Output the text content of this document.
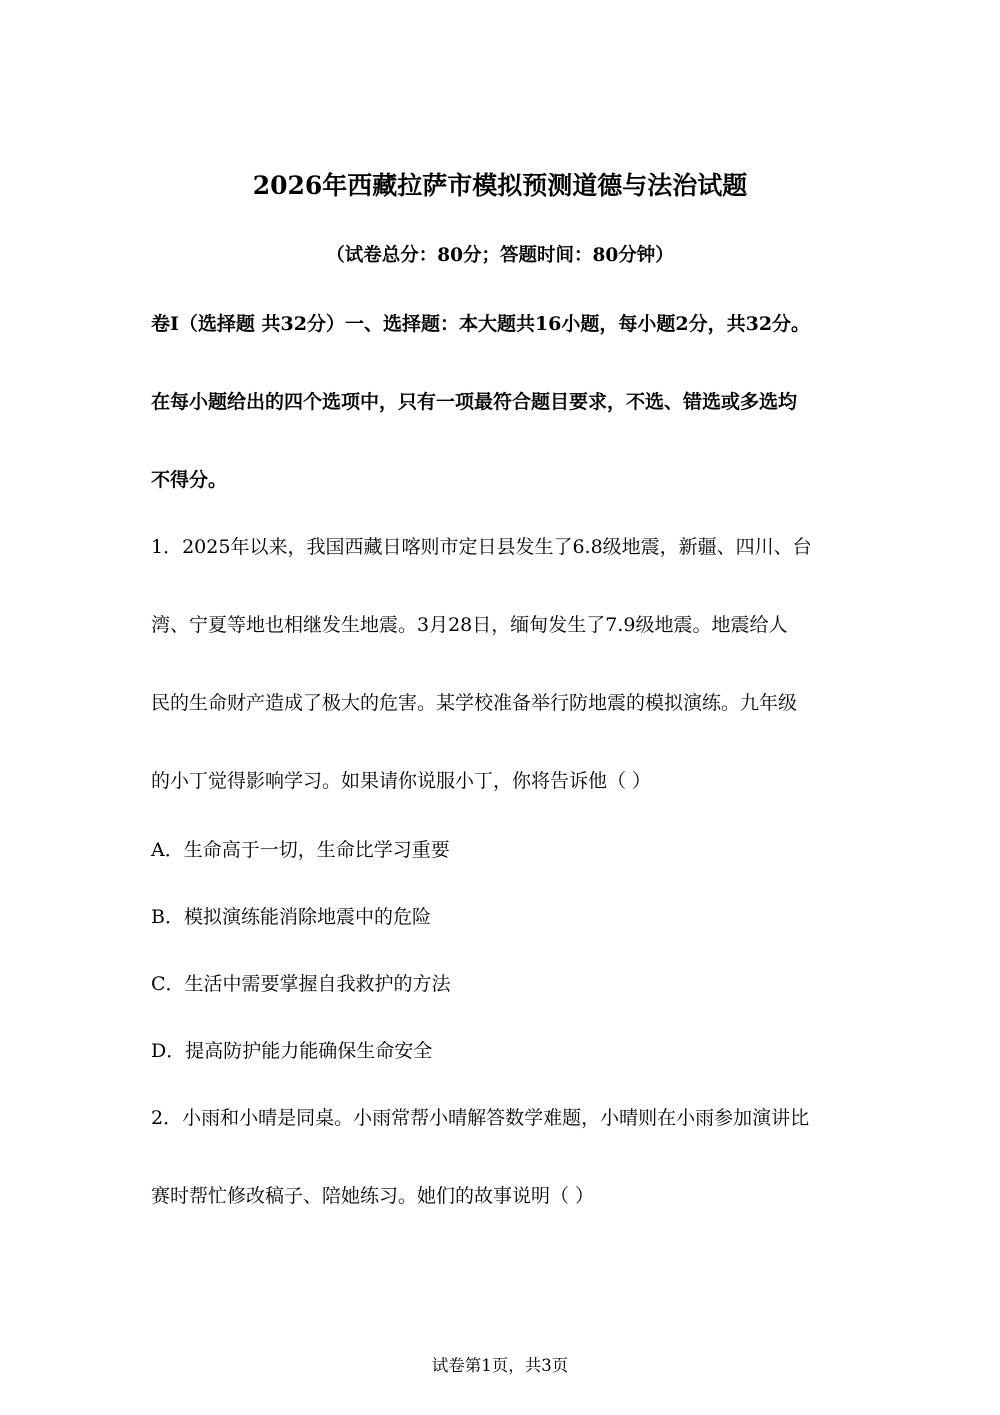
2026年西藏拉萨市模拟预测道德与法治试题
（试卷总分：80分；答题时间：80分钟）
卷I（选择题 共32分）一、选择题：本大题共16小题，每小题2分，共32分。
在每小题给出的四个选项中，只有一项最符合题目要求，不选、错选或多选均
不得分。
1．2025年以来，我国西藏日喀则市定日县发生了6.8级地震，新疆、四川、台
湾、宁夏等地也相继发生地震。3月28日，缅甸发生了7.9级地震。地震给人
民的生命财产造成了极大的危害。某学校准备举行防地震的模拟演练。九年级
的小丁觉得影响学习。如果请你说服小丁，你将告诉他（ ）
A．生命高于一切，生命比学习重要
B．模拟演练能消除地震中的危险
C．生活中需要掌握自我救护的方法
D．提高防护能力能确保生命安全
2．小雨和小晴是同桌。小雨常帮小晴解答数学难题，小晴则在小雨参加演讲比
赛时帮忙修改稿子、陪她练习。她们的故事说明（ ）
试卷第1页，共3页
